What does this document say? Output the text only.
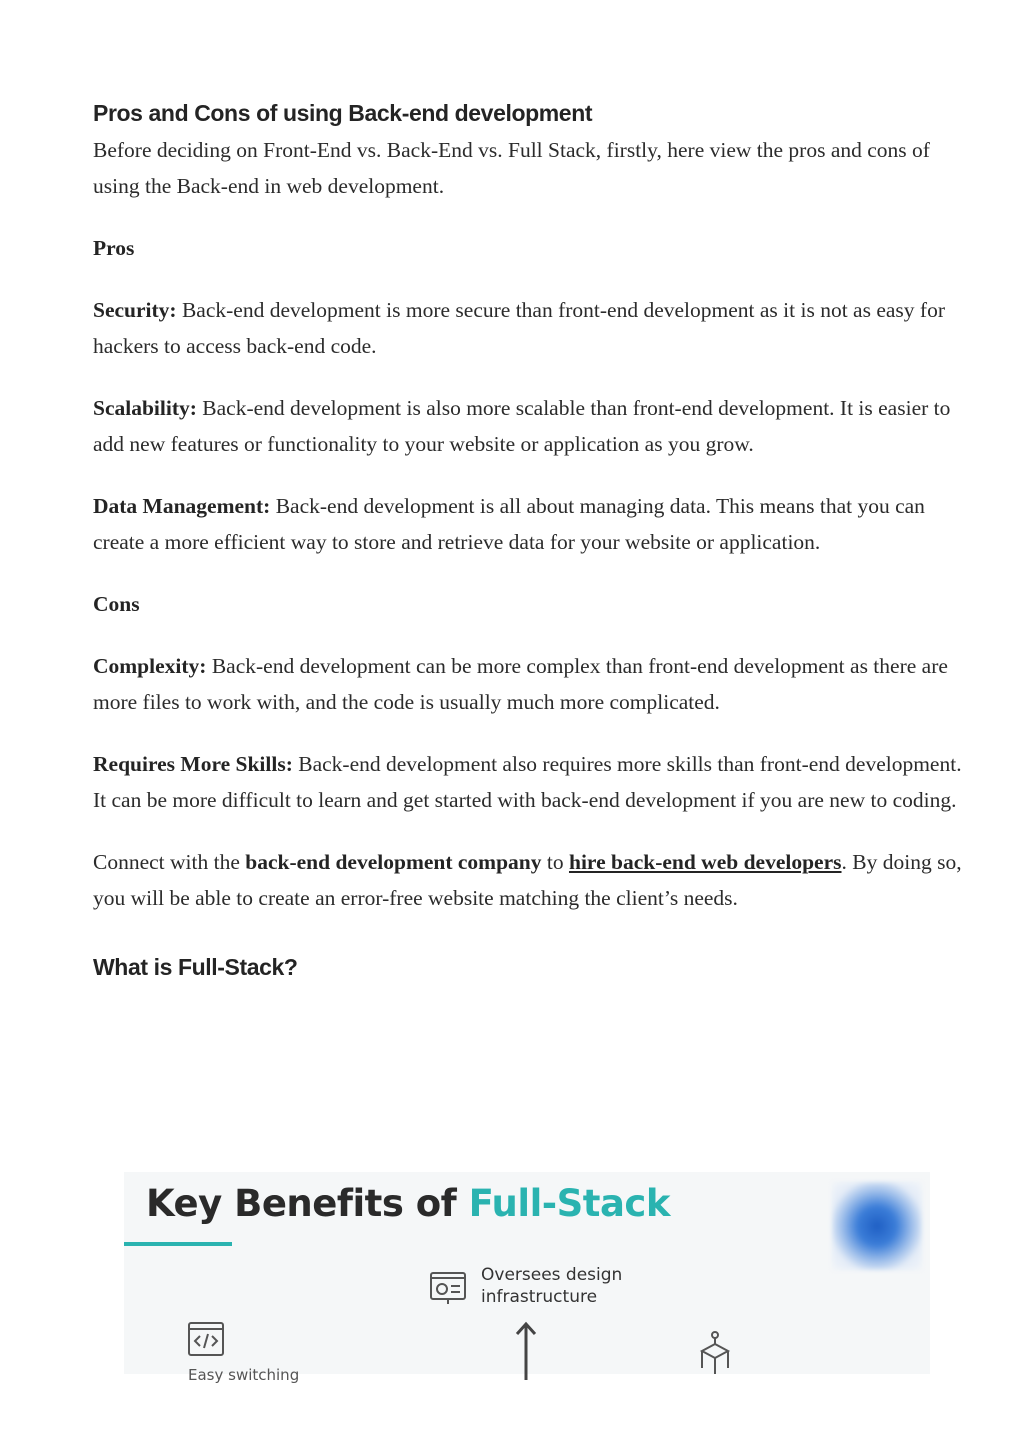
Pros and Cons of using Back-end development

Before deciding on Front-End vs. Back-End vs. Full Stack, firstly, here view the pros and cons of using the Back-end in web development.

Pros

Security: Back-end development is more secure than front-end development as it is not as easy for hackers to access back-end code.

Scalability: Back-end development is also more scalable than front-end development. It is easier to add new features or functionality to your website or application as you grow.

Data Management: Back-end development is all about managing data. This means that you can create a more efficient way to store and retrieve data for your website or application.

Cons

Complexity: Back-end development can be more complex than front-end development as there are more files to work with, and the code is usually much more complicated.

Requires More Skills: Back-end development also requires more skills than front-end development. It can be more difficult to learn and get started with back-end development if you are new to coding.

Connect with the back-end development company to hire back-end web developers. By doing so, you will be able to create an error-free website matching the client’s needs.

What is Full-Stack?
Key Benefits of Full-Stack
Oversees design infrastructure
Easy switching
